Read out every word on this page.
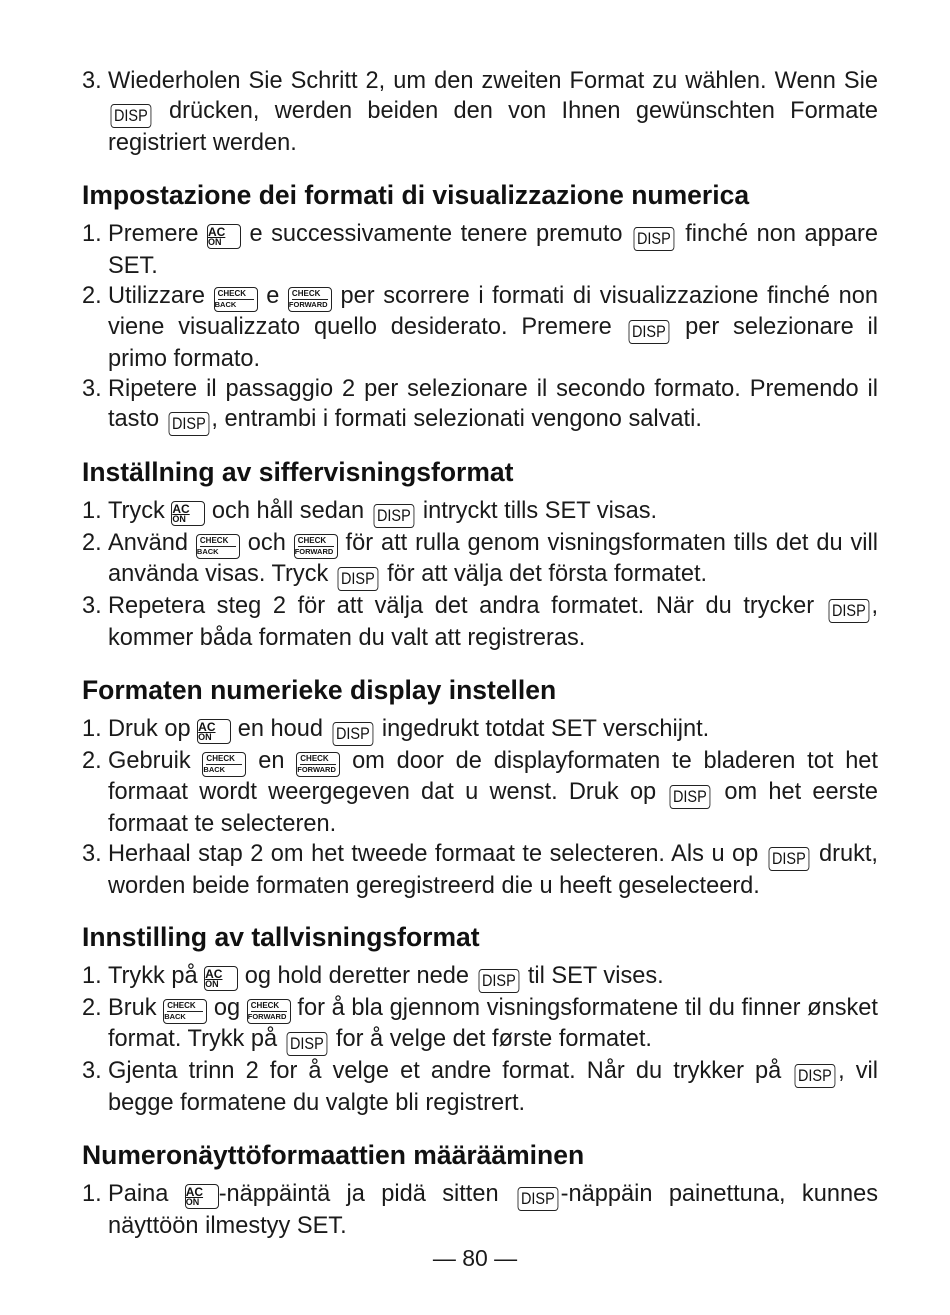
3. Wiederholen Sie Schritt 2, um den zweiten Format zu wählen. Wenn Sie DISP drücken, werden beiden den von Ihnen gewünschten Formate registriert werden.
Impostazione dei formati di visualizzazione numerica
1. Premere AC
ON e successivamente tenere premuto DISP finché non appare SET.
2. Utilizzare CHECK
BACK e CHECK
FORWARD per scorrere i formati di visualizzazione finché non viene visualizzato quello desiderato. Premere DISP per selezionare il primo formato.
3. Ripetere il passaggio 2 per selezionare il secondo formato. Premendo il tasto DISP , entrambi i formati selezionati vengono salvati.
Inställning av siffervisningsformat
1. Tryck AC
ON och håll sedan DISP intryckt tills SET visas.
2. Använd CHECK
BACK och CHECK
FORWARD för att rulla genom visningsformaten tills det du vill använda visas. Tryck DISP för att välja det första formatet.
3. Repetera steg 2 för att välja det andra formatet. När du trycker DISP , kommer båda formaten du valt att registreras.
Formaten numerieke display instellen
1. Druk op AC
ON en houd DISP ingedrukt totdat SET verschijnt.
2. Gebruik CHECK
BACK en CHECK
FORWARD om door de displayformaten te bladeren tot het formaat wordt weergegeven dat u wenst. Druk op DISP om het eerste formaat te selecteren.
3. Herhaal stap 2 om het tweede formaat te selecteren. Als u op DISP drukt, worden beide formaten geregistreerd die u heeft geselecteerd.
Innstilling av tallvisningsformat
1. Trykk på AC
ON og hold deretter nede DISP til SET vises.
2. Bruk CHECK
BACK og CHECK
FORWARD for å bla gjennom visningsformatene til du finner ønsket format. Trykk på DISP for å velge det første formatet.
3. Gjenta trinn 2 for å velge et andre format. Når du trykker på DISP , vil begge formatene du valgte bli registrert.
Numeronäyttöformaattien määrääminen
1. Paina AC
ON -näppäintä ja pidä sitten DISP -näppäin painettuna, kunnes näyttöön ilmestyy SET.
— 80 —
